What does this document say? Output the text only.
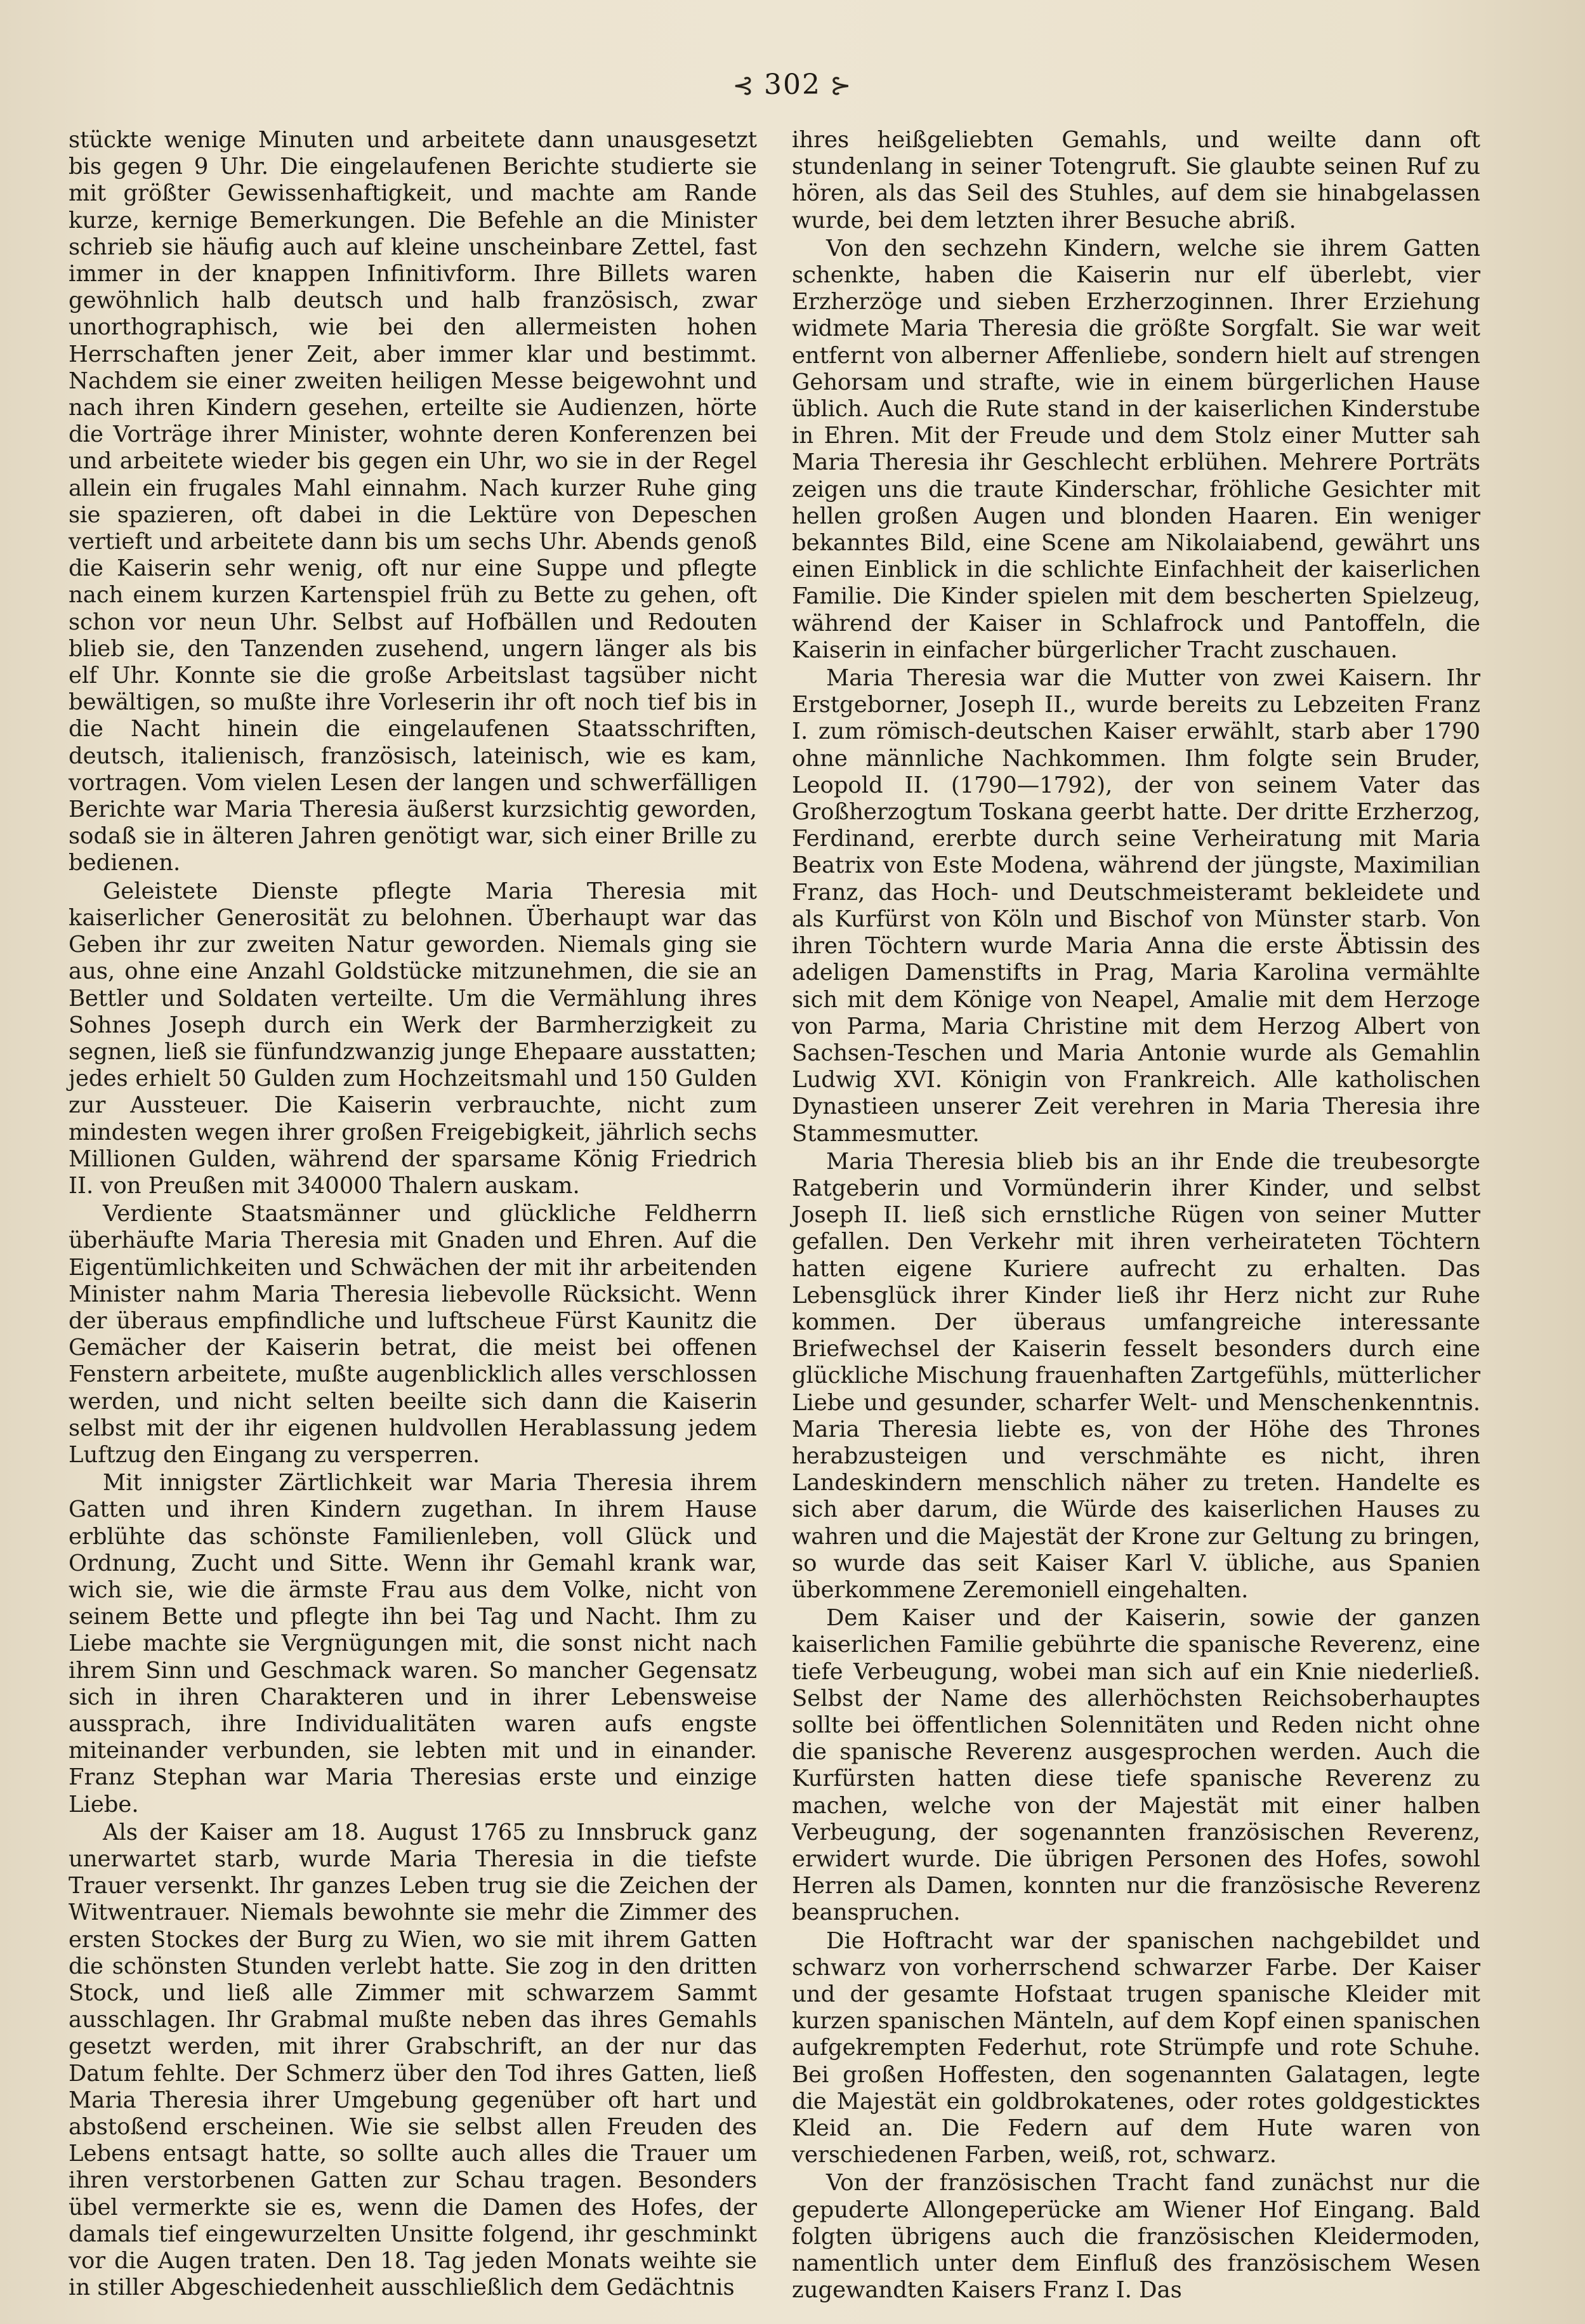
⊰ 302 ⊱

stückte wenige Minuten und arbeitete dann unausgesetzt bis gegen 9 Uhr. Die eingelaufenen Berichte studierte sie mit größter Gewissenhaftigkeit, und machte am Rande kurze, kernige Bemerkungen. Die Befehle an die Minister schrieb sie häufig auch auf kleine unscheinbare Zettel, fast immer in der knappen Infinitivform. Ihre Billets waren gewöhnlich halb deutsch und halb französisch, zwar unorthographisch, wie bei den allermeisten hohen Herrschaften jener Zeit, aber immer klar und bestimmt. Nachdem sie einer zweiten heiligen Messe beigewohnt und nach ihren Kindern gesehen, erteilte sie Audienzen, hörte die Vorträge ihrer Minister, wohnte deren Konferenzen bei und arbeitete wieder bis gegen ein Uhr, wo sie in der Regel allein ein frugales Mahl einnahm. Nach kurzer Ruhe ging sie spazieren, oft dabei in die Lektüre von Depeschen vertieft und arbeitete dann bis um sechs Uhr. Abends genoß die Kaiserin sehr wenig, oft nur eine Suppe und pflegte nach einem kurzen Kartenspiel früh zu Bette zu gehen, oft schon vor neun Uhr. Selbst auf Hofbällen und Redouten blieb sie, den Tanzenden zusehend, ungern länger als bis elf Uhr. Konnte sie die große Arbeitslast tagsüber nicht bewältigen, so mußte ihre Vorleserin ihr oft noch tief bis in die Nacht hinein die eingelaufenen Staatsschriften, deutsch, italienisch, französisch, lateinisch, wie es kam, vortragen. Vom vielen Lesen der langen und schwerfälligen Berichte war Maria Theresia äußerst kurzsichtig geworden, sodaß sie in älteren Jahren genötigt war, sich einer Brille zu bedienen.

Geleistete Dienste pflegte Maria Theresia mit kaiserlicher Generosität zu belohnen. Überhaupt war das Geben ihr zur zweiten Natur geworden. Niemals ging sie aus, ohne eine Anzahl Goldstücke mitzunehmen, die sie an Bettler und Soldaten verteilte. Um die Vermählung ihres Sohnes Joseph durch ein Werk der Barmherzigkeit zu segnen, ließ sie fünfundzwanzig junge Ehepaare ausstatten; jedes erhielt 50 Gulden zum Hochzeitsmahl und 150 Gulden zur Aussteuer. Die Kaiserin verbrauchte, nicht zum mindesten wegen ihrer großen Freigebigkeit, jährlich sechs Millionen Gulden, während der sparsame König Friedrich II. von Preußen mit 340000 Thalern auskam.

Verdiente Staatsmänner und glückliche Feldherrn überhäufte Maria Theresia mit Gnaden und Ehren. Auf die Eigentümlichkeiten und Schwächen der mit ihr arbeitenden Minister nahm Maria Theresia liebevolle Rücksicht. Wenn der überaus empfindliche und luftscheue Fürst Kaunitz die Gemächer der Kaiserin betrat, die meist bei offenen Fenstern arbeitete, mußte augenblicklich alles verschlossen werden, und nicht selten beeilte sich dann die Kaiserin selbst mit der ihr eigenen huldvollen Herablassung jedem Luftzug den Eingang zu versperren.

Mit innigster Zärtlichkeit war Maria Theresia ihrem Gatten und ihren Kindern zugethan. In ihrem Hause erblühte das schönste Familienleben, voll Glück und Ordnung, Zucht und Sitte. Wenn ihr Gemahl krank war, wich sie, wie die ärmste Frau aus dem Volke, nicht von seinem Bette und pflegte ihn bei Tag und Nacht. Ihm zu Liebe machte sie Vergnügungen mit, die sonst nicht nach ihrem Sinn und Geschmack waren. So mancher Gegensatz sich in ihren Charakteren und in ihrer Lebensweise aussprach, ihre Individualitäten waren aufs engste miteinander verbunden, sie lebten mit und in einander. Franz Stephan war Maria Theresias erste und einzige Liebe.

Als der Kaiser am 18. August 1765 zu Innsbruck ganz unerwartet starb, wurde Maria Theresia in die tiefste Trauer versenkt. Ihr ganzes Leben trug sie die Zeichen der Witwentrauer. Niemals bewohnte sie mehr die Zimmer des ersten Stockes der Burg zu Wien, wo sie mit ihrem Gatten die schönsten Stunden verlebt hatte. Sie zog in den dritten Stock, und ließ alle Zimmer mit schwarzem Sammt ausschlagen. Ihr Grabmal mußte neben das ihres Gemahls gesetzt werden, mit ihrer Grabschrift, an der nur das Datum fehlte. Der Schmerz über den Tod ihres Gatten, ließ Maria Theresia ihrer Umgebung gegenüber oft hart und abstoßend erscheinen. Wie sie selbst allen Freuden des Lebens entsagt hatte, so sollte auch alles die Trauer um ihren verstorbenen Gatten zur Schau tragen. Besonders übel vermerkte sie es, wenn die Damen des Hofes, der damals tief eingewurzelten Unsitte folgend, ihr geschminkt vor die Augen traten. Den 18. Tag jeden Monats weihte sie in stiller Abgeschiedenheit ausschließlich dem Gedächtnis

ihres heißgeliebten Gemahls, und weilte dann oft stundenlang in seiner Totengruft. Sie glaubte seinen Ruf zu hören, als das Seil des Stuhles, auf dem sie hinabgelassen wurde, bei dem letzten ihrer Besuche abriß.

Von den sechzehn Kindern, welche sie ihrem Gatten schenkte, haben die Kaiserin nur elf überlebt, vier Erzherzöge und sieben Erzherzoginnen. Ihrer Erziehung widmete Maria Theresia die größte Sorgfalt. Sie war weit entfernt von alberner Affenliebe, sondern hielt auf strengen Gehorsam und strafte, wie in einem bürgerlichen Hause üblich. Auch die Rute stand in der kaiserlichen Kinderstube in Ehren. Mit der Freude und dem Stolz einer Mutter sah Maria Theresia ihr Geschlecht erblühen. Mehrere Porträts zeigen uns die traute Kinderschar, fröhliche Gesichter mit hellen großen Augen und blonden Haaren. Ein weniger bekanntes Bild, eine Scene am Nikolaiabend, gewährt uns einen Einblick in die schlichte Einfachheit der kaiserlichen Familie. Die Kinder spielen mit dem bescherten Spielzeug, während der Kaiser in Schlafrock und Pantoffeln, die Kaiserin in einfacher bürgerlicher Tracht zuschauen.

Maria Theresia war die Mutter von zwei Kaisern. Ihr Erstgeborner, Joseph II., wurde bereits zu Lebzeiten Franz I. zum römisch-deutschen Kaiser erwählt, starb aber 1790 ohne männliche Nachkommen. Ihm folgte sein Bruder, Leopold II. (1790—1792), der von seinem Vater das Großherzogtum Toskana geerbt hatte. Der dritte Erzherzog, Ferdinand, ererbte durch seine Verheiratung mit Maria Beatrix von Este Modena, während der jüngste, Maximilian Franz, das Hoch- und Deutschmeisteramt bekleidete und als Kurfürst von Köln und Bischof von Münster starb. Von ihren Töchtern wurde Maria Anna die erste Äbtissin des adeligen Damenstifts in Prag, Maria Karolina vermählte sich mit dem Könige von Neapel, Amalie mit dem Herzoge von Parma, Maria Christine mit dem Herzog Albert von Sachsen-Teschen und Maria Antonie wurde als Gemahlin Ludwig XVI. Königin von Frankreich. Alle katholischen Dynastieen unserer Zeit verehren in Maria Theresia ihre Stammesmutter.

Maria Theresia blieb bis an ihr Ende die treubesorgte Ratgeberin und Vormünderin ihrer Kinder, und selbst Joseph II. ließ sich ernstliche Rügen von seiner Mutter gefallen. Den Verkehr mit ihren verheirateten Töchtern hatten eigene Kuriere aufrecht zu erhalten. Das Lebensglück ihrer Kinder ließ ihr Herz nicht zur Ruhe kommen. Der überaus umfangreiche interessante Briefwechsel der Kaiserin fesselt besonders durch eine glückliche Mischung frauenhaften Zartgefühls, mütterlicher Liebe und gesunder, scharfer Welt- und Menschenkenntnis. Maria Theresia liebte es, von der Höhe des Thrones herabzusteigen und verschmähte es nicht, ihren Landeskindern menschlich näher zu treten. Handelte es sich aber darum, die Würde des kaiserlichen Hauses zu wahren und die Majestät der Krone zur Geltung zu bringen, so wurde das seit Kaiser Karl V. übliche, aus Spanien überkommene Zeremoniell eingehalten.

Dem Kaiser und der Kaiserin, sowie der ganzen kaiserlichen Familie gebührte die spanische Reverenz, eine tiefe Verbeugung, wobei man sich auf ein Knie niederließ. Selbst der Name des allerhöchsten Reichsoberhauptes sollte bei öffentlichen Solennitäten und Reden nicht ohne die spanische Reverenz ausgesprochen werden. Auch die Kurfürsten hatten diese tiefe spanische Reverenz zu machen, welche von der Majestät mit einer halben Verbeugung, der sogenannten französischen Reverenz, erwidert wurde. Die übrigen Personen des Hofes, sowohl Herren als Damen, konnten nur die französische Reverenz beanspruchen.

Die Hoftracht war der spanischen nachgebildet und schwarz von vorherrschend schwarzer Farbe. Der Kaiser und der gesamte Hofstaat trugen spanische Kleider mit kurzen spanischen Mänteln, auf dem Kopf einen spanischen aufgekrempten Federhut, rote Strümpfe und rote Schuhe. Bei großen Hoffesten, den sogenannten Galatagen, legte die Majestät ein goldbrokatenes, oder rotes goldgesticktes Kleid an. Die Federn auf dem Hute waren von verschiedenen Farben, weiß, rot, schwarz.

Von der französischen Tracht fand zunächst nur die gepuderte Allongeperücke am Wiener Hof Eingang. Bald folgten übrigens auch die französischen Kleidermoden, namentlich unter dem Einfluß des französischem Wesen zugewandten Kaisers Franz I. Das
